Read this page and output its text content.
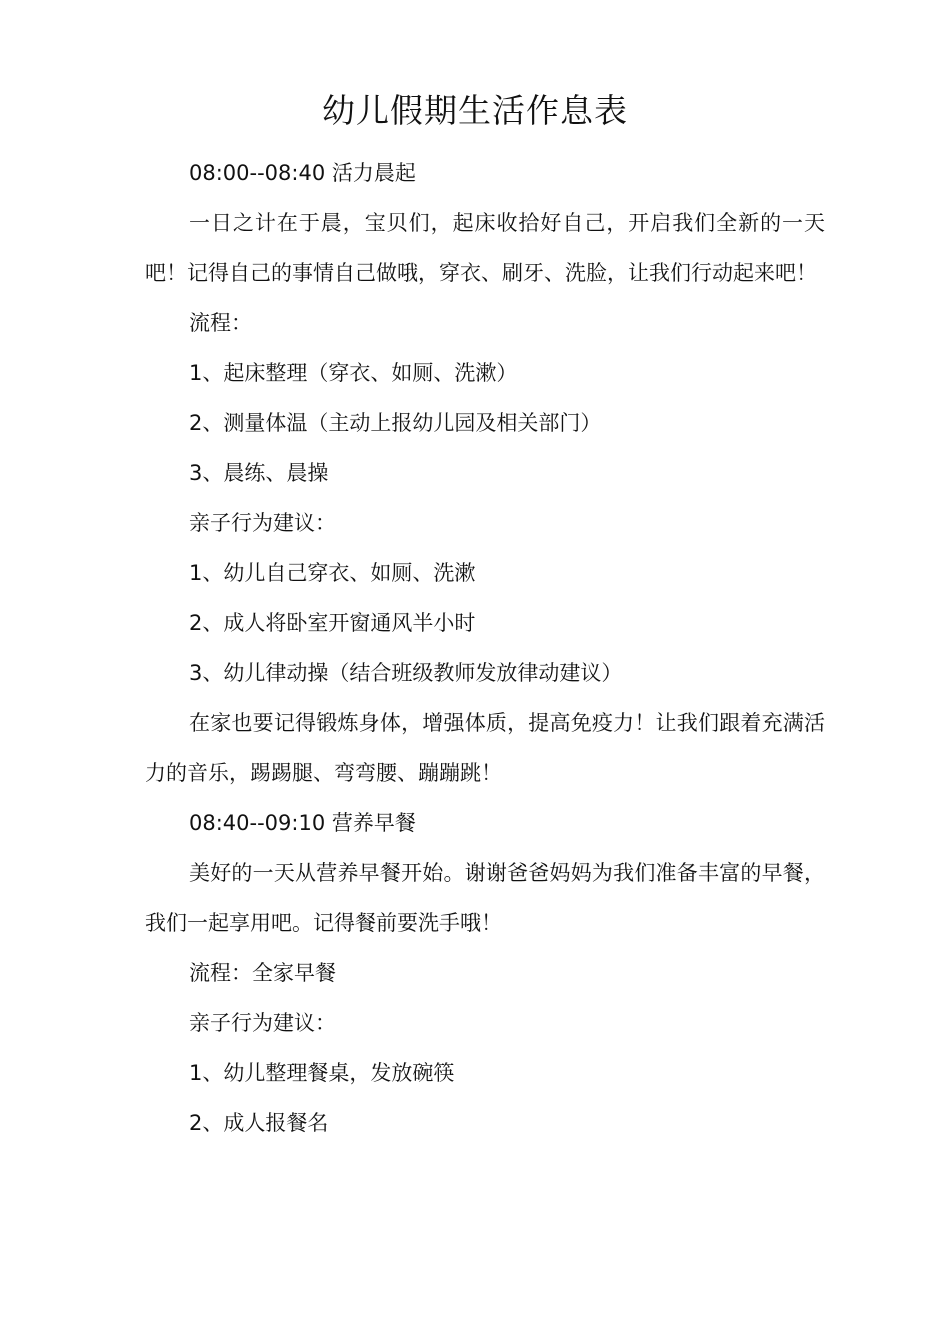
幼儿假期生活作息表

08:00--08:40 活力晨起

一日之计在于晨，宝贝们，起床收拾好自己，开启我们全新的一天吧！记得自己的事情自己做哦，穿衣、刷牙、洗脸，让我们行动起来吧！

流程：

1、起床整理（穿衣、如厕、洗漱）

2、测量体温（主动上报幼儿园及相关部门）

3、晨练、晨操

亲子行为建议：

1、幼儿自己穿衣、如厕、洗漱

2、成人将卧室开窗通风半小时

3、幼儿律动操（结合班级教师发放律动建议）

在家也要记得锻炼身体，增强体质，提高免疫力！让我们跟着充满活力的音乐，踢踢腿、弯弯腰、蹦蹦跳！

08:40--09:10 营养早餐

美好的一天从营养早餐开始。谢谢爸爸妈妈为我们准备丰富的早餐，我们一起享用吧。记得餐前要洗手哦！

流程：全家早餐

亲子行为建议：

1、幼儿整理餐桌，发放碗筷

2、成人报餐名
